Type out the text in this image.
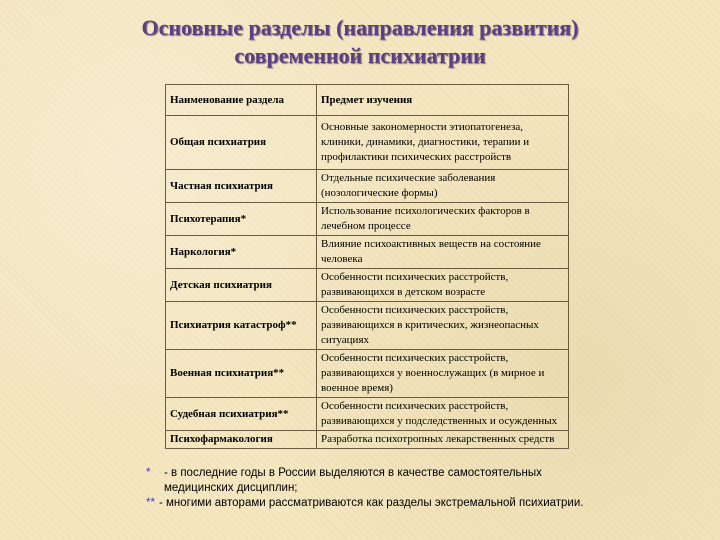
Основные разделы (направления развития)
современной психиатрии
Наименование раздела	Предмет изучения
Общая психиатрия	Основные закономерности этиопатогенеза, клиники, динамики, диагностики, терапии и профилактики психических расстройств
Частная психиатрия	Отдельные психические заболевания (нозологические формы)
Психотерапия*	Использование психологических факторов в лечебном процессе
Наркология*	Влияние психоактивных веществ на состояние человека
Детская психиатрия	Особенности психических расстройств, развивающихся в детском возрасте
Психиатрия катастроф**	Особенности психических расстройств, развивающихся в критических, жизнеопасных ситуациях
Военная психиатрия**	Особенности психических расстройств, развивающихся у военнослужащих (в мирное и военное время)
Судебная психиатрия**	Особенности психических расстройств, развивающихся у подследственных и осужденных
Психофармакология	Разработка психотропных лекарственных средств
*	- в последние годы в России выделяются в качестве самостоятельных медицинских дисциплин;
** - многими авторами рассматриваются как разделы экстремальной психиатрии.
